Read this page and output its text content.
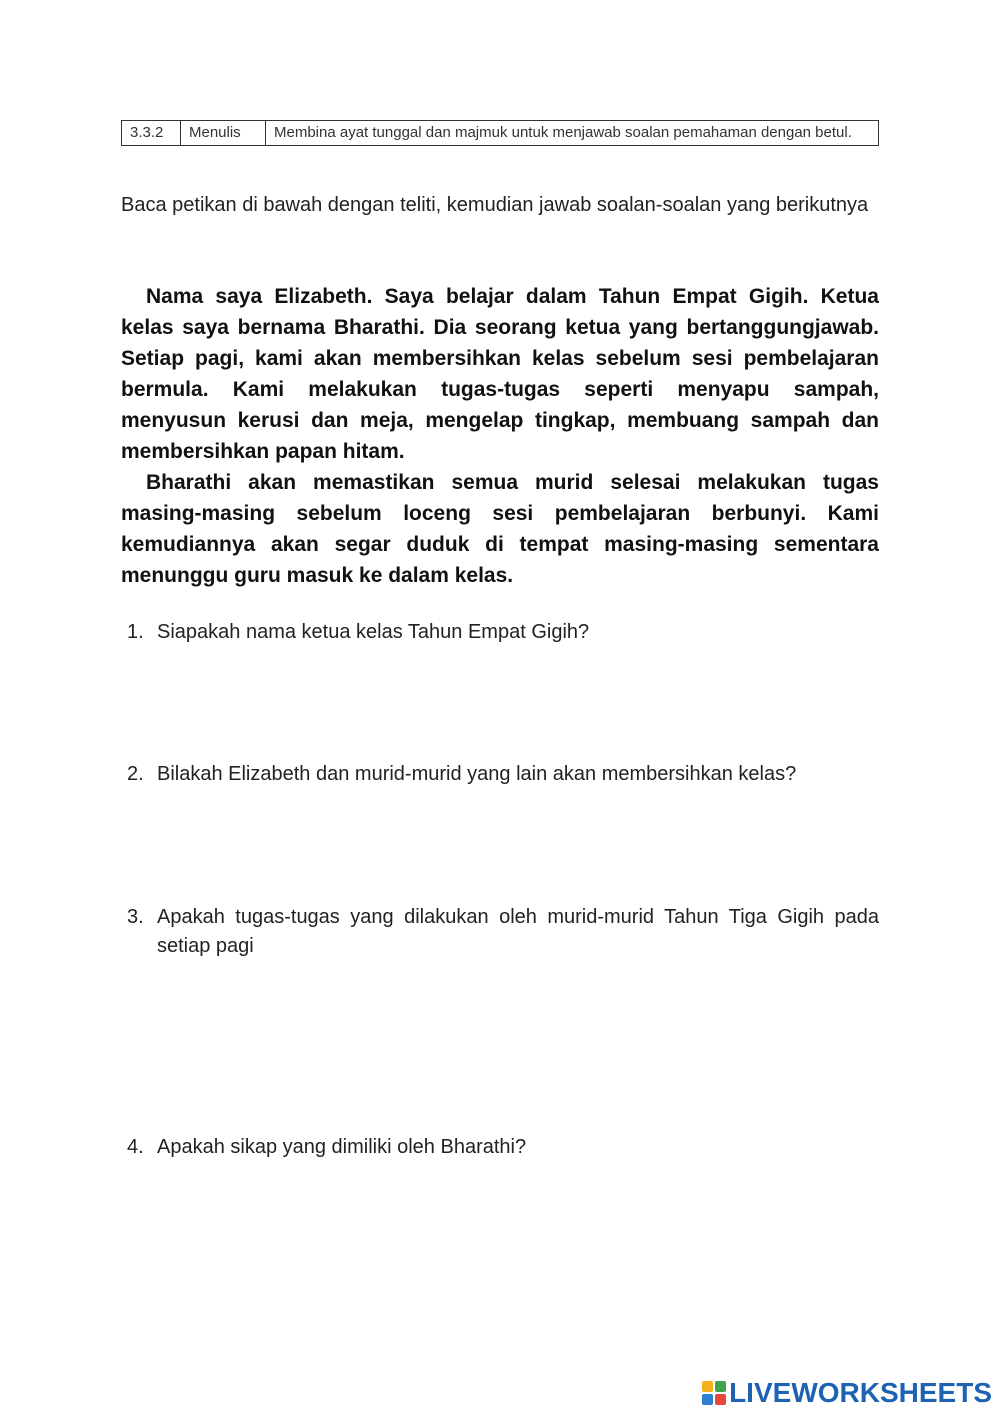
3.3.2	Menulis	Membina ayat tunggal dan majmuk untuk menjawab soalan pemahaman dengan betul.
Baca petikan di bawah dengan teliti, kemudian jawab soalan-soalan yang berikutnya

Nama saya Elizabeth. Saya belajar dalam Tahun Empat Gigih. Ketua kelas saya bernama Bharathi. Dia seorang ketua yang bertanggungjawab. Setiap pagi, kami akan membersihkan kelas sebelum sesi pembelajaran bermula. Kami melakukan tugas-tugas seperti menyapu sampah, menyusun kerusi dan meja, mengelap tingkap, membuang sampah dan membersihkan papan hitam.

Bharathi akan memastikan semua murid selesai melakukan tugas masing-masing sebelum loceng sesi pembelajaran berbunyi. Kami kemudiannya akan segar duduk di tempat masing-masing sementara menunggu guru masuk ke dalam kelas.

1. Siapakah nama ketua kelas Tahun Empat Gigih?
2. Bilakah Elizabeth dan murid-murid yang lain akan membersihkan kelas?
3. Apakah tugas-tugas yang dilakukan oleh murid-murid Tahun Tiga Gigih pada setiap pagi
4. Apakah sikap yang dimiliki oleh Bharathi?
LIVEWORKSHEETS
